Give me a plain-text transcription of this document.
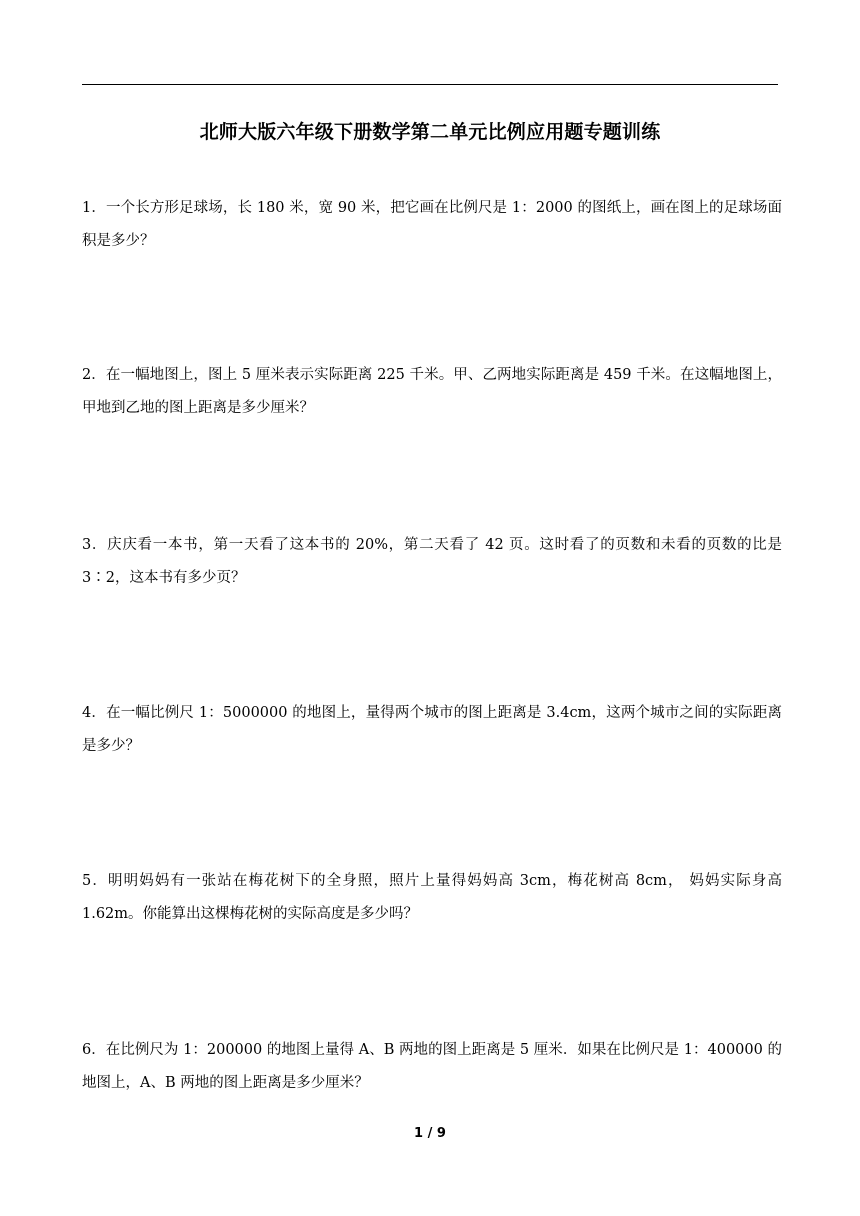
北师大版六年级下册数学第二单元比例应用题专题训练
1．一个长方形足球场，长 180 米，宽 90 米，把它画在比例尺是 1：2000 的图纸上，画在图上的足球场面积是多少？
2．在一幅地图上，图上 5 厘米表示实际距离 225 千米。甲、乙两地实际距离是 459 千米。在这幅地图上，甲地到乙地的图上距离是多少厘米？
3．庆庆看一本书，第一天看了这本书的 20%，第二天看了 42 页。这时看了的页数和未看的页数的比是 3∶2，这本书有多少页？
4．在一幅比例尺 1：5000000 的地图上，量得两个城市的图上距离是 3.4cm，这两个城市之间的实际距离是多少？
5．明明妈妈有一张站在梅花树下的全身照，照片上量得妈妈高 3cm，梅花树高 8cm， 妈妈实际身高 1.62m。你能算出这棵梅花树的实际高度是多少吗？
6．在比例尺为 1：200000 的地图上量得 A、B 两地的图上距离是 5 厘米．如果在比例尺是 1：400000 的地图上，A、B 两地的图上距离是多少厘米？
1 / 9
